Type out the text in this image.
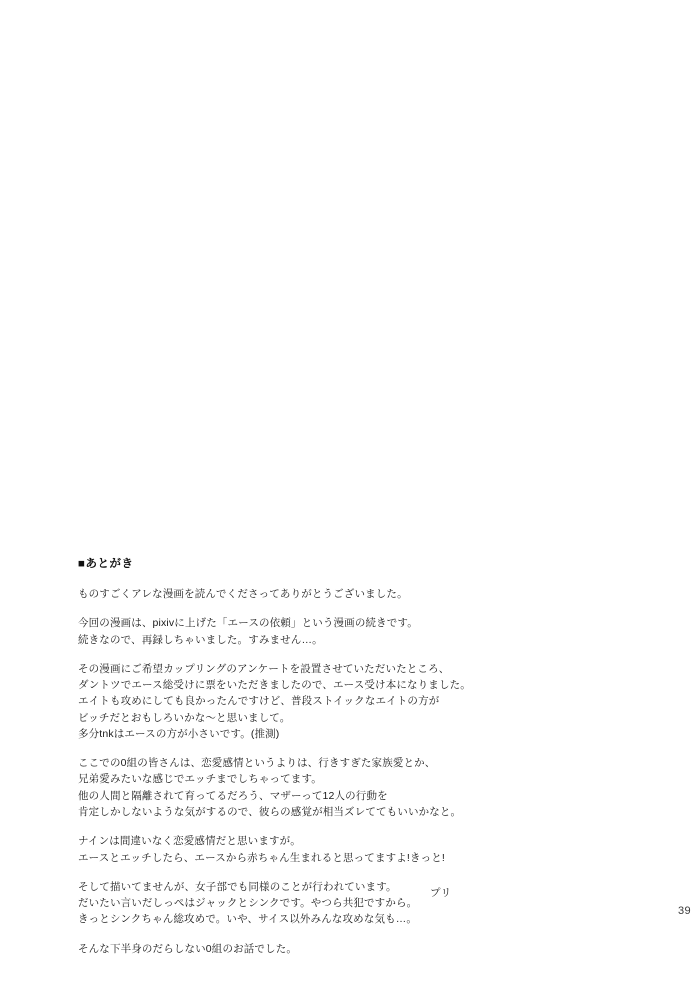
■あとがき

ものすごくアレな漫画を読んでくださってありがとうございました。

今回の漫画は、pixivに上げた「エースの依頼」という漫画の続きです。
続きなので、再録しちゃいました。すみません…。

その漫画にご希望カップリングのアンケートを設置させていただいたところ、
ダントツでエース総受けに票をいただきましたので、エース受け本になりました。
エイトも攻めにしても良かったんですけど、普段ストイックなエイトの方が
ビッチだとおもしろいかな〜と思いまして。
多分tnkはエースの方が小さいです。(推測)

ここでの0組の皆さんは、恋愛感情というよりは、行きすぎた家族愛とか、
兄弟愛みたいな感じでエッチまでしちゃってます。
他の人間と隔離されて育ってるだろう、マザーって12人の行動を
肯定しかしないような気がするので、彼らの感覚が相当ズレててもいいかなと。

ナインは間違いなく恋愛感情だと思いますが。
エースとエッチしたら、エースから赤ちゃん生まれると思ってますよ!きっと!

そして描いてませんが、女子部でも同様のことが行われています。
だいたい言いだしっぺはジャックとシンクです。やつら共犯ですから。
きっとシンクちゃん総攻めで。いや、サイス以外みんな攻めな気も…。

そんな下半身のだらしない0組のお話でした。

プリ
39
